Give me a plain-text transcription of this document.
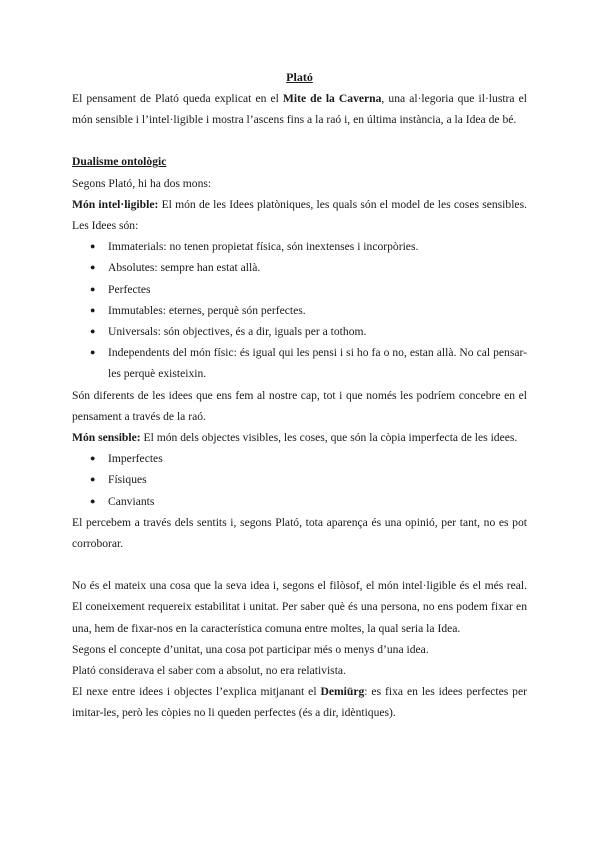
Plató

El pensament de Plató queda explicat en el Mite de la Caverna, una al·legoria que il·lustra el món sensible i l’intel·ligible i mostra l’ascens fins a la raó i, en última instància, a la Idea de bé.

Dualisme ontològic

Segons Plató, hi ha dos mons:

Món intel·ligible: El món de les Idees platòniques, les quals són el model de les coses sensibles. Les Idees són:

● Immaterials: no tenen propietat física, són inextenses i incorpòries.
● Absolutes: sempre han estat allà.
● Perfectes
● Immutables: eternes, perquè són perfectes.
● Universals: són objectives, és a dir, iguals per a tothom.
● Independents del món físic: és igual qui les pensi i si ho fa o no, estan allà. No cal pensar-les perquè existeixin.

Són diferents de les idees que ens fem al nostre cap, tot i que només les podríem concebre en el pensament a través de la raó.

Món sensible: El món dels objectes visibles, les coses, que són la còpia imperfecta de les idees.

● Imperfectes
● Físiques
● Canviants

El percebem a través dels sentits i, segons Plató, tota aparença és una opinió, per tant, no es pot corroborar.

No és el mateix una cosa que la seva idea i, segons el filòsof, el món intel·ligible és el més real. El coneixement requereix estabilitat i unitat. Per saber què és una persona, no ens podem fixar en una, hem de fixar-nos en la característica comuna entre moltes, la qual seria la Idea.

Segons el concepte d’unitat, una cosa pot participar més o menys d’una idea.

Plató considerava el saber com a absolut, no era relativista.

El nexe entre idees i objectes l’explica mitjanant el Demiürg: es fixa en les idees perfectes per imitar-les, però les còpies no li queden perfectes (és a dir, idèntiques).
